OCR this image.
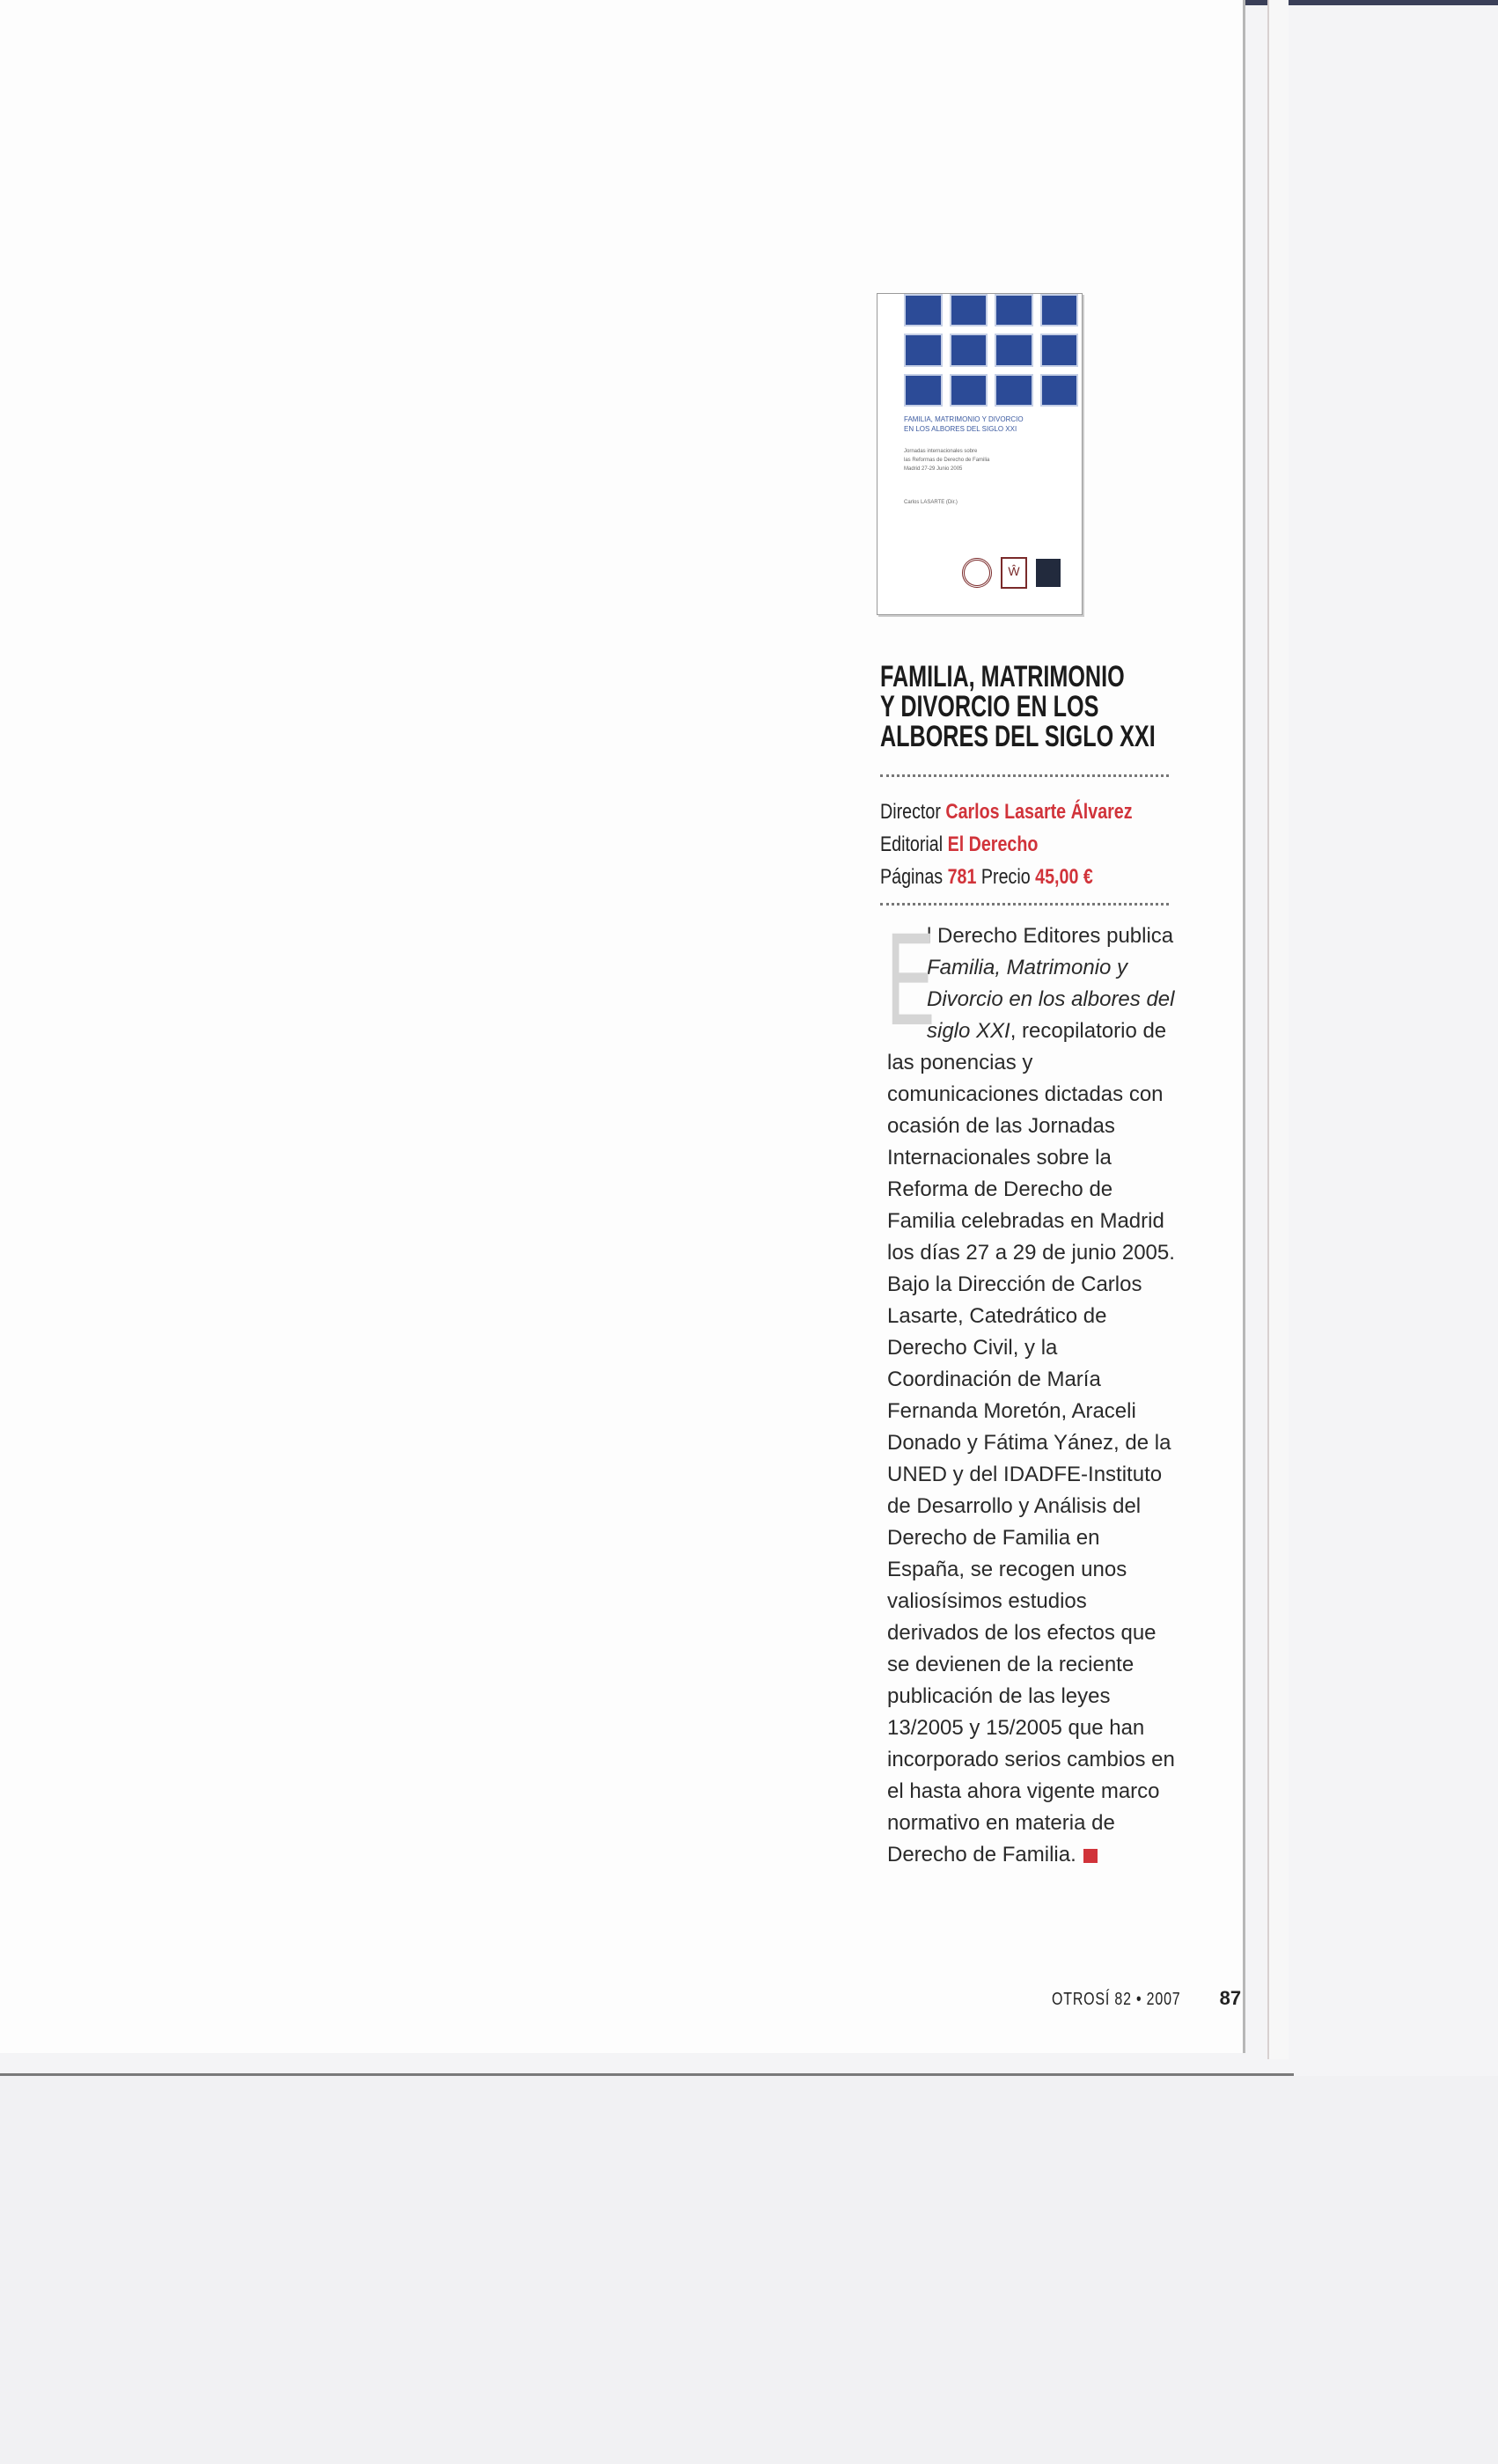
FAMILIA, MATRIMONIO Y DIVORCIO
EN LOS ALBORES DEL SIGLO XXI
Jornadas internacionales sobre
las Reformas de Derecho de Familia
Madrid 27-29 Junio 2005
Carlos LASARTE (Dir.)
Ŵ
FAMILIA, MATRIMONIO
Y DIVORCIO EN LOS
ALBORES DEL SIGLO XXI
Director Carlos Lasarte Álvarez
Editorial El Derecho
Páginas 781 Precio 45,00 €
E

l Derecho Editores publica Familia, Matrimonio y Divorcio en los albores del siglo XXI, recopilatorio de las ponencias y comunicaciones dictadas con ocasión de las Jornadas Internacionales sobre la Reforma de Derecho de Familia celebradas en Madrid los días 27 a 29 de junio 2005. Bajo la Dirección de Carlos Lasarte, Catedrático de Derecho Civil, y la Coordinación de María Fernanda Moretón, Araceli Donado y Fátima Yánez, de la UNED y del IDADFE-Instituto de Desarrollo y Análisis del Derecho de Familia en España, se recogen unos valiosísimos estudios derivados de los efectos que se devienen de la reciente publicación de las leyes 13/2005 y 15/2005 que han incorporado serios cambios en el hasta ahora vigente marco normativo en materia de Derecho de Familia.

OTROSÍ 82 • 2007 87
